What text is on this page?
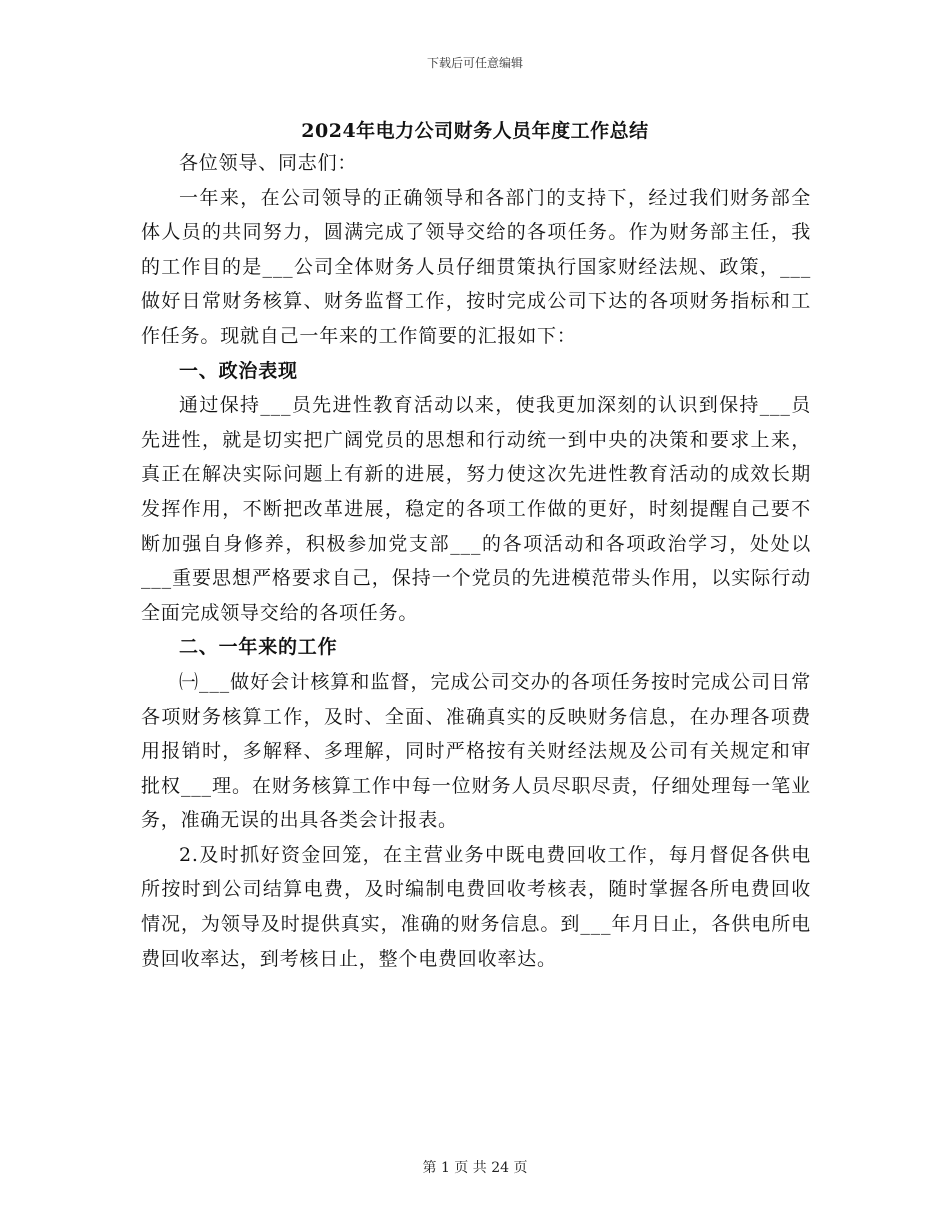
下载后可任意编辑
2024年电力公司财务人员年度工作总结

各位领导、同志们：

一年来，在公司领导的正确领导和各部门的支持下，经过我们财务部全体人员的共同努力，圆满完成了领导交给的各项任务。作为财务部主任，我的工作目的是___公司全体财务人员仔细贯策执行国家财经法规、政策，___做好日常财务核算、财务监督工作，按时完成公司下达的各项财务指标和工作任务。现就自己一年来的工作简要的汇报如下：

一、政治表现

通过保持___员先进性教育活动以来，使我更加深刻的认识到保持___员先进性，就是切实把广阔党员的思想和行动统一到中央的决策和要求上来，真正在解决实际问题上有新的进展，努力使这次先进性教育活动的成效长期发挥作用，不断把改革进展，稳定的各项工作做的更好，时刻提醒自己要不断加强自身修养，积极参加党支部___的各项活动和各项政治学习，处处以___重要思想严格要求自己，保持一个党员的先进模范带头作用，以实际行动全面完成领导交给的各项任务。

二、一年来的工作

㈠___做好会计核算和监督，完成公司交办的各项任务按时完成公司日常各项财务核算工作，及时、全面、准确真实的反映财务信息，在办理各项费用报销时，多解释、多理解，同时严格按有关财经法规及公司有关规定和审批权___理。在财务核算工作中每一位财务人员尽职尽责，仔细处理每一笔业务，准确无误的出具各类会计报表。

2.及时抓好资金回笼，在主营业务中既电费回收工作，每月督促各供电所按时到公司结算电费，及时编制电费回收考核表，随时掌握各所电费回收情况，为领导及时提供真实，准确的财务信息。到___年月日止，各供电所电费回收率达，到考核日止，整个电费回收率达。

第 1 页 共 24 页
